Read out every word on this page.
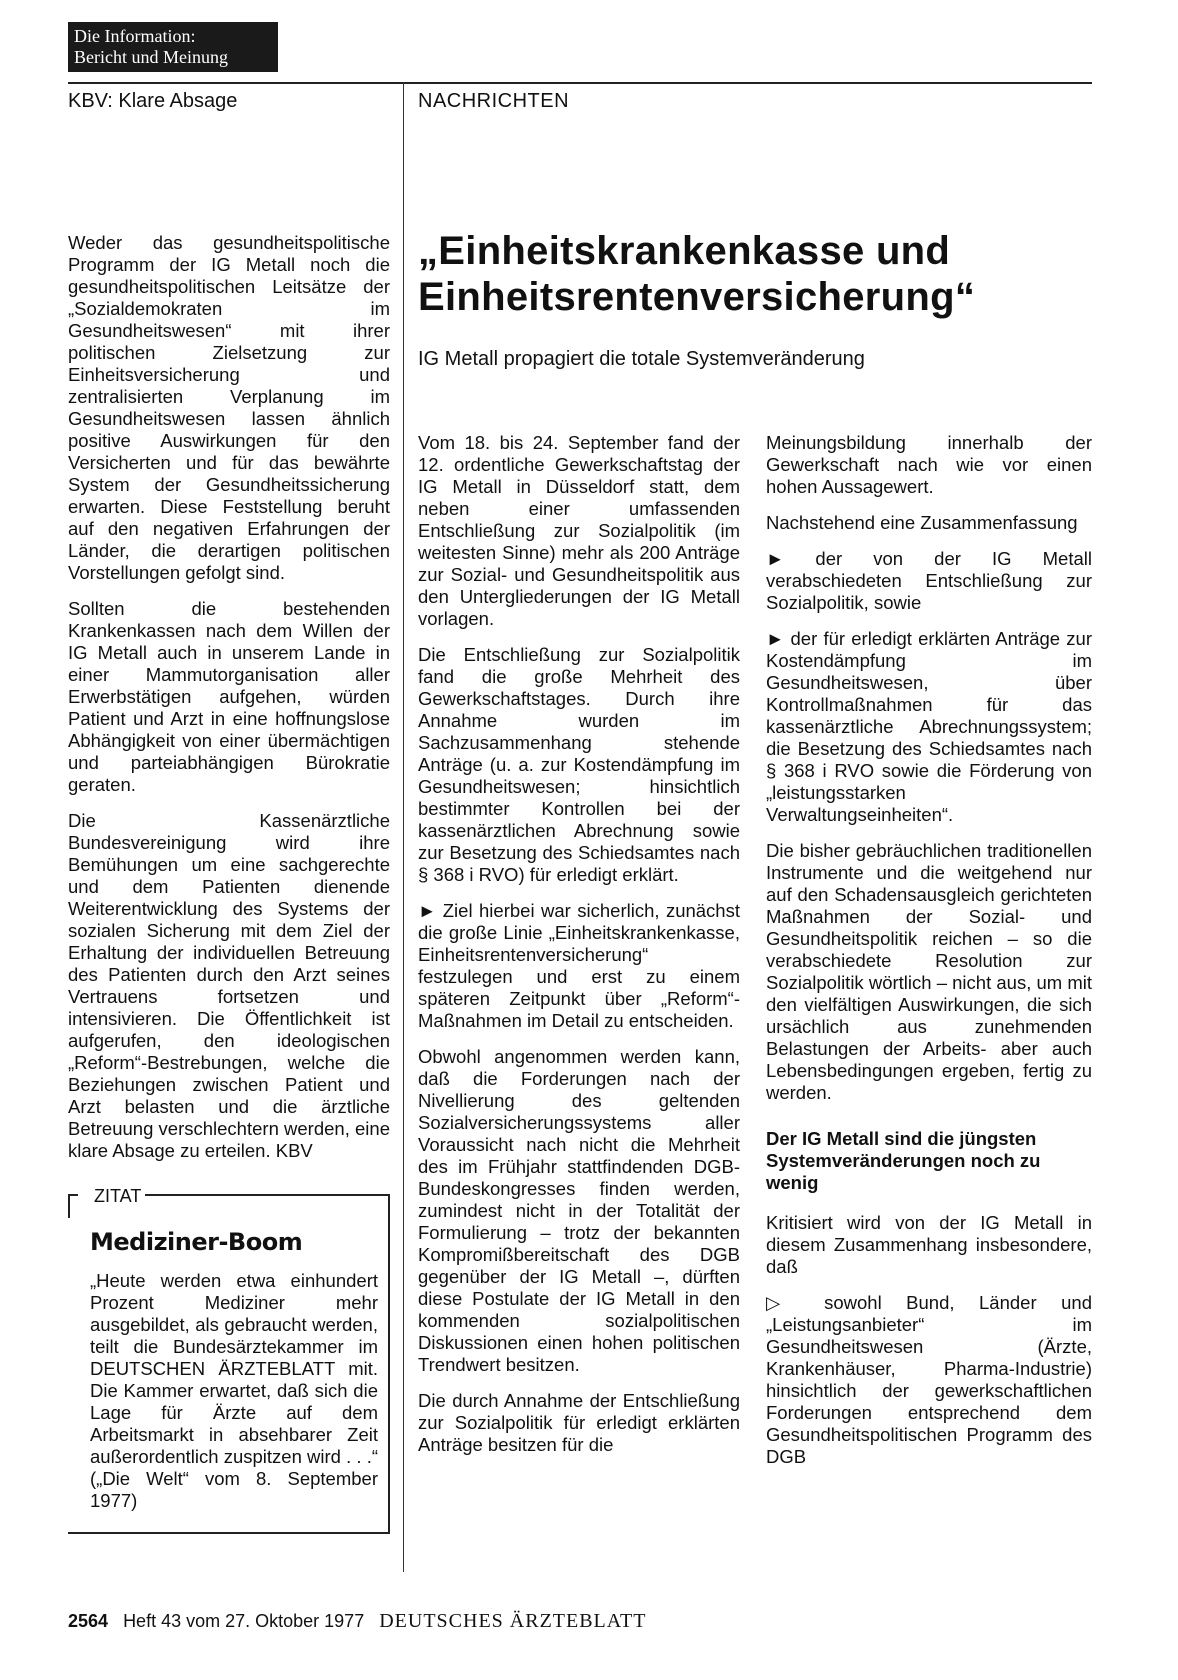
Die Information:
Bericht und Meinung
KBV: Klare Absage	NACHRICHTEN
„Einheitskrankenkasse und Einheitsrentenversicherung“
IG Metall propagiert die totale Systemveränderung

Weder das gesundheitspolitische Programm der IG Metall noch die gesundheitspolitischen Leitsätze der „Sozialdemokraten im Gesundheitswesen“ mit ihrer politischen Zielsetzung zur Einheitsversicherung und zentralisierten Verplanung im Gesundheitswesen lassen ähnlich positive Auswirkungen für den Versicherten und für das bewährte System der Gesundheitssicherung erwarten. Diese Feststellung beruht auf den negativen Erfahrungen der Länder, die derartigen politischen Vorstellungen gefolgt sind.

Sollten die bestehenden Krankenkassen nach dem Willen der IG Metall auch in unserem Lande in einer Mammutorganisation aller Erwerbstätigen aufgehen, würden Patient und Arzt in eine hoffnungslose Abhängigkeit von einer übermächtigen und parteiabhängigen Bürokratie geraten.

Die Kassenärztliche Bundesvereinigung wird ihre Bemühungen um eine sachgerechte und dem Patienten dienende Weiterentwicklung des Systems der sozialen Sicherung mit dem Ziel der Erhaltung der individuellen Betreuung des Patienten durch den Arzt seines Vertrauens fortsetzen und intensivieren. Die Öffentlichkeit ist aufgerufen, den ideologischen „Reform“-Bestrebungen, welche die Beziehungen zwischen Patient und Arzt belasten und die ärztliche Betreuung verschlechtern werden, eine klare Absage zu erteilen. KBV

ZITAT
Mediziner-Boom
„Heute werden etwa einhundert Prozent Mediziner mehr ausgebildet, als gebraucht werden, teilt die Bundesärztekammer im DEUTSCHEN ÄRZTEBLATT mit. Die Kammer erwartet, daß sich die Lage für Ärzte auf dem Arbeitsmarkt in absehbarer Zeit außerordentlich zuspitzen wird . . .“ („Die Welt“ vom 8. September 1977)

Vom 18. bis 24. September fand der 12. ordentliche Gewerkschaftstag der IG Metall in Düsseldorf statt, dem neben einer umfassenden Entschließung zur Sozialpolitik (im weitesten Sinne) mehr als 200 Anträge zur Sozial- und Gesundheitspolitik aus den Untergliederungen der IG Metall vorlagen.

Die Entschließung zur Sozialpolitik fand die große Mehrheit des Gewerkschaftstages. Durch ihre Annahme wurden im Sachzusammenhang stehende Anträge (u. a. zur Kostendämpfung im Gesundheitswesen; hinsichtlich bestimmter Kontrollen bei der kassenärztlichen Abrechnung sowie zur Besetzung des Schiedsamtes nach § 368 i RVO) für erledigt erklärt.

► Ziel hierbei war sicherlich, zunächst die große Linie „Einheitskrankenkasse, Einheitsrentenversicherung“ festzulegen und erst zu einem späteren Zeitpunkt über „Reform“-Maßnahmen im Detail zu entscheiden.

Obwohl angenommen werden kann, daß die Forderungen nach der Nivellierung des geltenden Sozialversicherungssystems aller Voraussicht nach nicht die Mehrheit des im Frühjahr stattfindenden DGB-Bundeskongresses finden werden, zumindest nicht in der Totalität der Formulierung – trotz der bekannten Kompromißbereitschaft des DGB gegenüber der IG Metall –, dürften diese Postulate der IG Metall in den kommenden sozialpolitischen Diskussionen einen hohen politischen Trendwert besitzen.

Die durch Annahme der Entschließung zur Sozialpolitik für erledigt erklärten Anträge besitzen für die

Meinungsbildung innerhalb der Gewerkschaft nach wie vor einen hohen Aussagewert.

Nachstehend eine Zusammenfassung

► der von der IG Metall verabschiedeten Entschließung zur Sozialpolitik, sowie

► der für erledigt erklärten Anträge zur Kostendämpfung im Gesundheitswesen, über Kontrollmaßnahmen für das kassenärztliche Abrechnungssystem; die Besetzung des Schiedsamtes nach § 368 i RVO sowie die Förderung von „leistungsstarken Verwaltungseinheiten“.

Die bisher gebräuchlichen traditionellen Instrumente und die weitgehend nur auf den Schadensausgleich gerichteten Maßnahmen der Sozial- und Gesundheitspolitik reichen – so die verabschiedete Resolution zur Sozialpolitik wörtlich – nicht aus, um mit den vielfältigen Auswirkungen, die sich ursächlich aus zunehmenden Belastungen der Arbeits- aber auch Lebensbedingungen ergeben, fertig zu werden.

Der IG Metall sind die jüngsten Systemveränderungen noch zu wenig

Kritisiert wird von der IG Metall in diesem Zusammenhang insbesondere, daß

▷ sowohl Bund, Länder und „Leistungsanbieter“ im Gesundheitswesen (Ärzte, Krankenhäuser, Pharma-Industrie) hinsichtlich der gewerkschaftlichen Forderungen entsprechend dem Gesundheitspolitischen Programm des DGB

2564 Heft 43 vom 27. Oktober 1977 DEUTSCHES ÄRZTEBLATT
